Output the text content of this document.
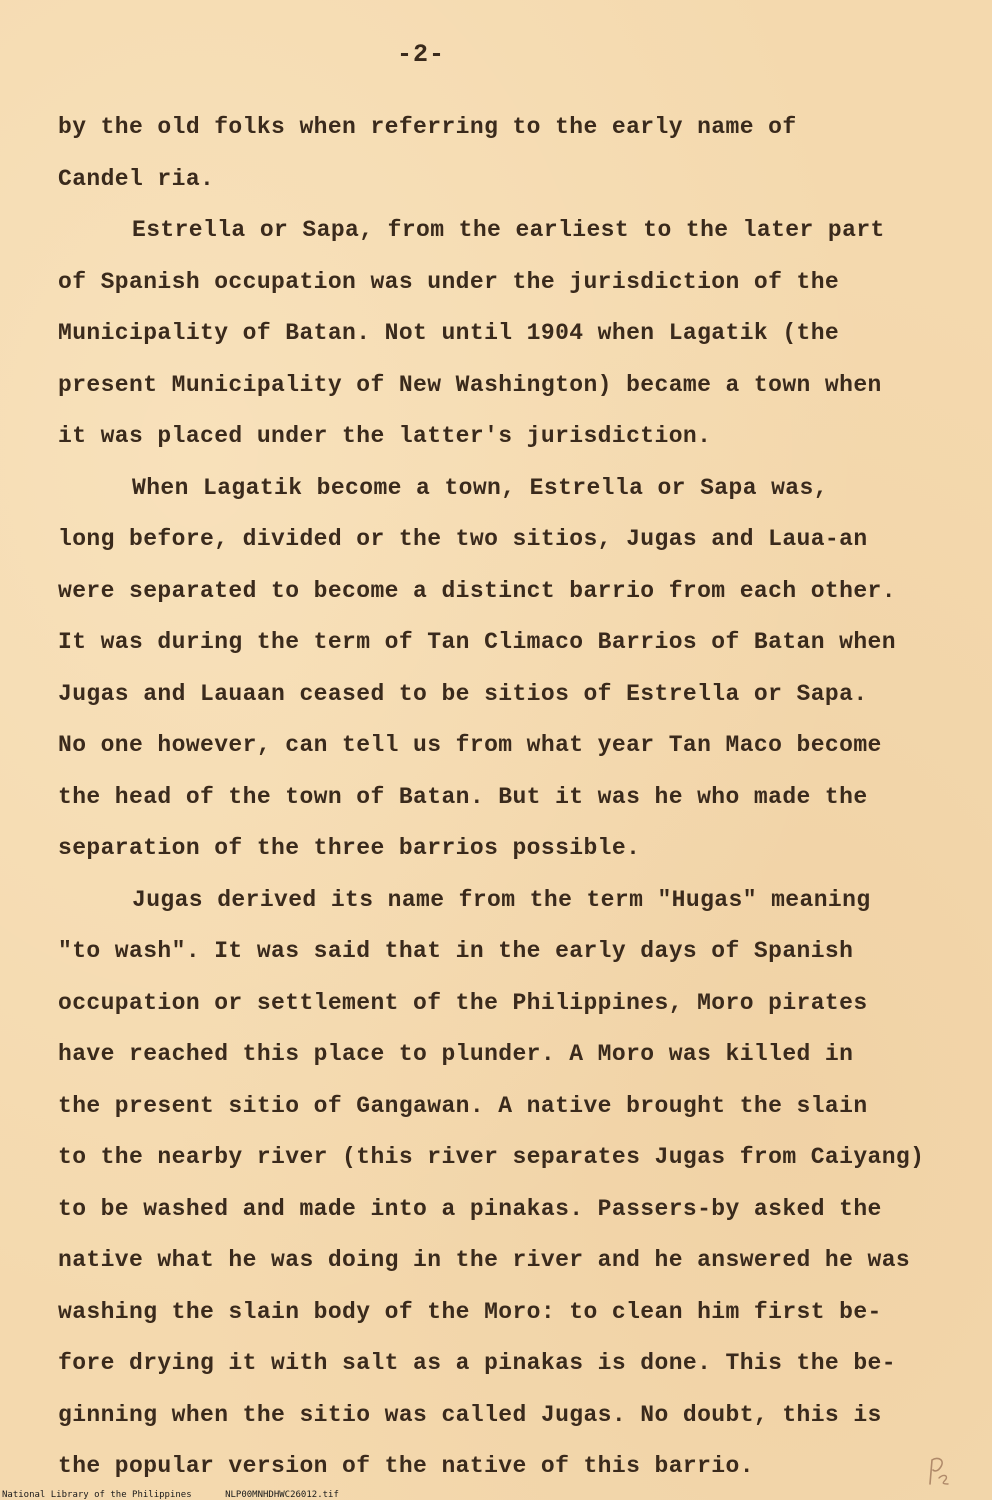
-2-
by the old folks when referring to the early name of
Candel ria.
Estrella or Sapa, from the earliest to the later part
of Spanish occupation was under the jurisdiction of the
Municipality of Batan. Not until 1904 when Lagatik (the
present Municipality of New Washington) became a town when
it was placed under the latter's jurisdiction.
When Lagatik become a town, Estrella or Sapa was,
long before, divided or the two sitios, Jugas and Laua-an
were separated to become a distinct barrio from each other.
It was during the term of Tan Climaco Barrios of Batan when
Jugas and Lauaan ceased to be sitios of Estrella or Sapa.
No one however, can tell us from what year Tan Maco become
the head of the town of Batan. But it was he who made the
separation of the three barrios possible.
Jugas derived its name from the term "Hugas" meaning
"to wash". It was said that in the early days of Spanish
occupation or settlement of the Philippines, Moro pirates
have reached this place to plunder. A Moro was killed in
the present sitio of Gangawan. A native brought the slain
to the nearby river (this river separates Jugas from Caiyang)
to be washed and made into a pinakas. Passers-by asked the
native what he was doing in the river and he answered he was
washing the slain body of the Moro: to clean him first be-
fore drying it with salt as a pinakas is done. This the be-
ginning when the sitio was called Jugas. No doubt, this is
the popular version of the native of this barrio.
National Library of the Philippines	NLP00MNHDHWC26012.tif
